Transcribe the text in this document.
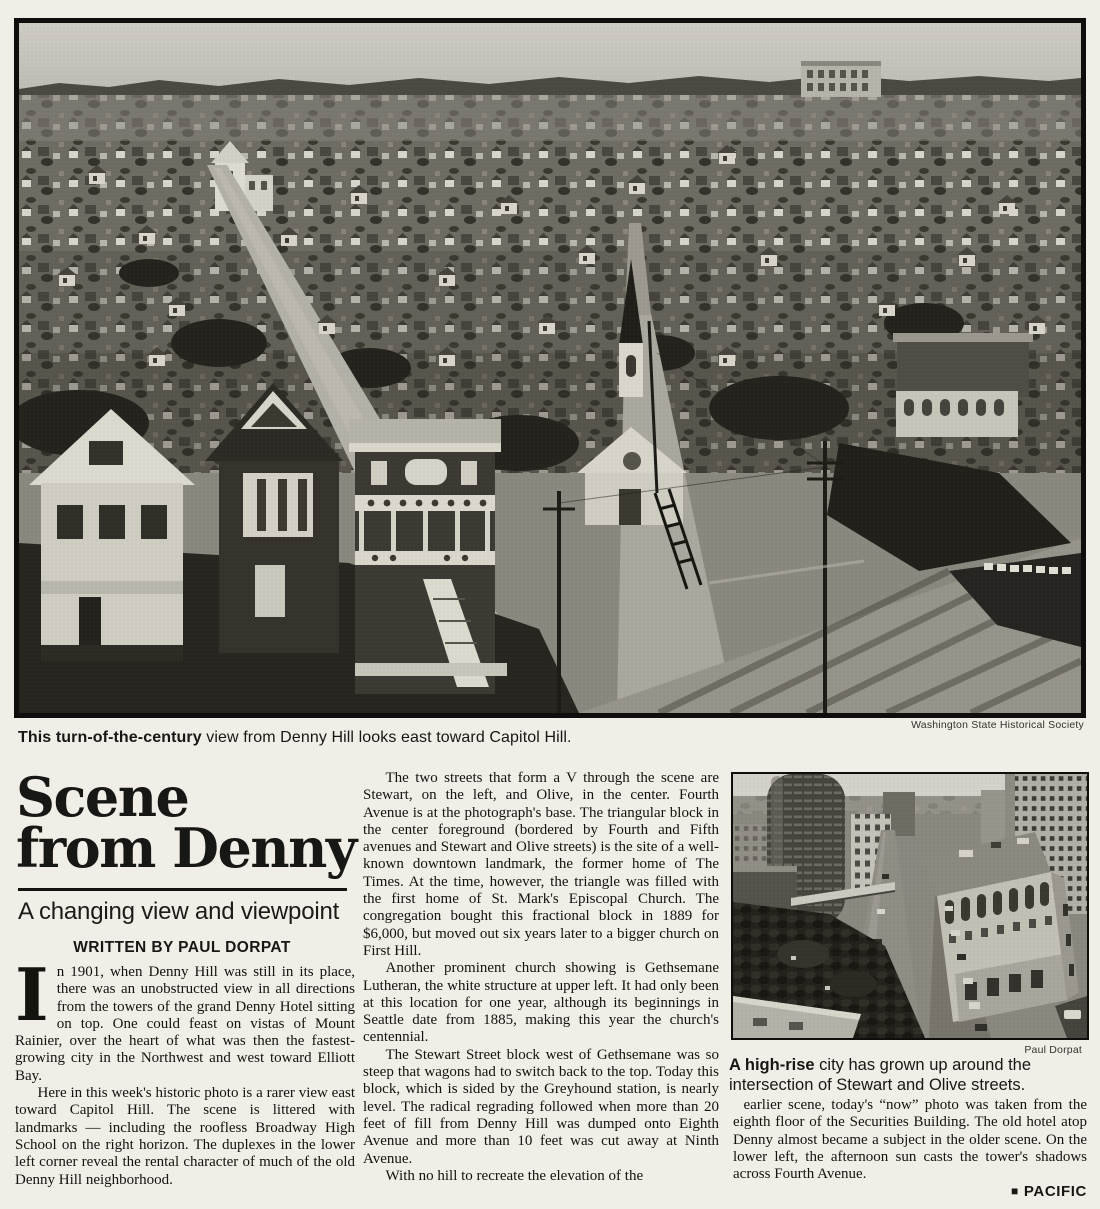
Washington State Historical Society
This turn-of-the-century view from Denny Hill looks east toward Capitol Hill.
Scene
from Denny
A changing view and viewpoint
WRITTEN BY PAUL DORPAT

In 1901, when Denny Hill was still in its place, there was an unobstructed view in all directions from the towers of the grand Denny Hotel sitting on top. One could feast on vistas of Mount Rainier, over the heart of what was then the fastest-growing city in the Northwest and west toward Elliott Bay.

Here in this week's historic photo is a rarer view east toward Capitol Hill. The scene is littered with landmarks — including the roofless Broadway High School on the right horizon. The duplexes in the lower left corner reveal the rental character of much of the old Denny Hill neighborhood.

The two streets that form a V through the scene are Stewart, on the left, and Olive, in the center. Fourth Avenue is at the photograph's base. The triangular block in the center foreground (bordered by Fourth and Fifth avenues and Stewart and Olive streets) is the site of a well-known downtown landmark, the former home of The Times. At the time, however, the triangle was filled with the first home of St. Mark's Episcopal Church. The congregation bought this fractional block in 1889 for $6,000, but moved out six years later to a bigger church on First Hill.

Another prominent church showing is Gethsemane Lutheran, the white structure at upper left. It had only been at this location for one year, although its beginnings in Seattle date from 1885, making this year the church's centennial.

The Stewart Street block west of Gethsemane was so steep that wagons had to switch back to the top. Today this block, which is sided by the Greyhound station, is nearly level. The radical regrading followed when more than 20 feet of fill from Denny Hill was dumped onto Eighth Avenue and more than 10 feet was cut away at Ninth Avenue.

With no hill to recreate the elevation of the

Paul Dorpat
A high-rise city has grown up around the intersection of Stewart and Olive streets.

earlier scene, today's “now” photo was taken from the eighth floor of the Securities Building. The old hotel atop Denny almost became a subject in the older scene. On the lower left, the afternoon sun casts the tower's shadows across Fourth Avenue.

■ PACIFIC
